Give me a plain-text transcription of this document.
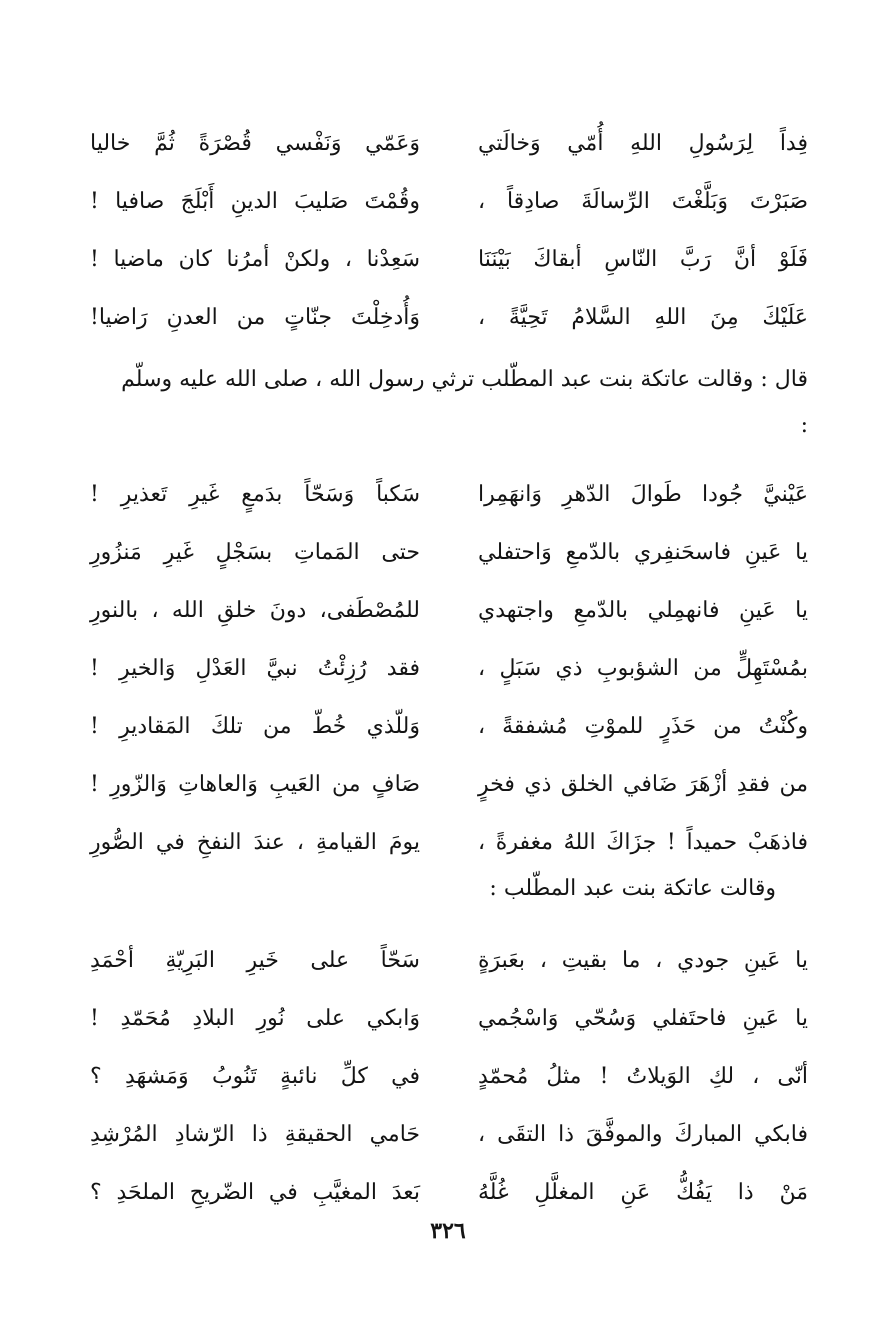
فِداً لِرَسُولِ اللهِ أُمّي وَخالَتي
وَعَمّي وَنَفْسي قُصْرَةً ثُمَّ خاليا
صَبَرْتَ وَبَلَّغْتَ الرِّسالَةَ صادِقاً ،
وقُمْتَ صَليبَ الدينِ أَبْلَجَ صافيا !
فَلَوْ أنَّ رَبَّ النّاسِ أبقاكَ بَيْنَنَا
سَعِدْنا ، ولكنْ أمرُنا كان ماضيا !
عَلَيْكَ مِنَ اللهِ السَّلامُ تَحِيَّةً ،
وَأُدخِلْتَ جنّاتٍ من العدنِ رَاضيا!
قال : وقالت عاتكة بنت عبد المطّلب ترثي رسول الله ، صلى الله عليه وسلّم :
عَيْنيَّ جُودا طَوالَ الدّهرِ وَانهَمِرا
سَكباً وَسَحّاً بدَمعٍ غَيرِ تَعذيرِ !
يا عَينِ فاسحَنفِري بالدّمعِ وَاحتفلي
حتى المَماتِ بسَجْلٍ غَيرِ مَنزُورِ
يا عَينِ فانهمِلي بالدّمعِ واجتهدي
للمُصْطَفى، دونَ خلقِ الله ، بالنورِ
بمُسْتَهِلٍّ من الشؤبوبِ ذي سَبَلٍ ،
فقد رُزِئْتُ نبيَّ العَدْلِ وَالخيرِ !
وكُنْتُ من حَذَرٍ للموْتِ مُشفقةً ،
وَللّذي خُطّ من تلكَ المَقاديرِ !
من فقدِ أزْهَرَ ضَافي الخلق ذي فخرٍ
صَافٍ من العَيبِ وَالعاهاتِ وَالزّورِ !
فاذهَبْ حميداً ! جزَاكَ اللهُ مغفرةً ،
يومَ القيامةِ ، عندَ النفخِ في الصُّورِ
وقالت عاتكة بنت عبد المطّلب :
يا عَينِ جودي ، ما بقيتِ ، بعَبرَةٍ
سَحّاً على خَيرِ البَرِيّةِ أحْمَدِ
يا عَينِ فاحتَفلي وَسُحّي وَاسْجُمي
وَابكي على نُورِ البلادِ مُحَمّدِ !
أنّى ، لكِ الوَيلاتُ ! مثلُ مُحمّدٍ
في كلِّ نائبةٍ تَنُوبُ وَمَشهَدِ ؟
فابكي المباركَ والموفَّقَ ذا التقَى ،
حَامي الحقيقةِ ذا الرّشادِ المُرْشِدِ
مَنْ ذا يَفُكُّ عَنِ المغلَّلِ غُلَّهُ
بَعدَ المغيَّبِ في الضّريحِ الملحَدِ ؟
٣٢٦
